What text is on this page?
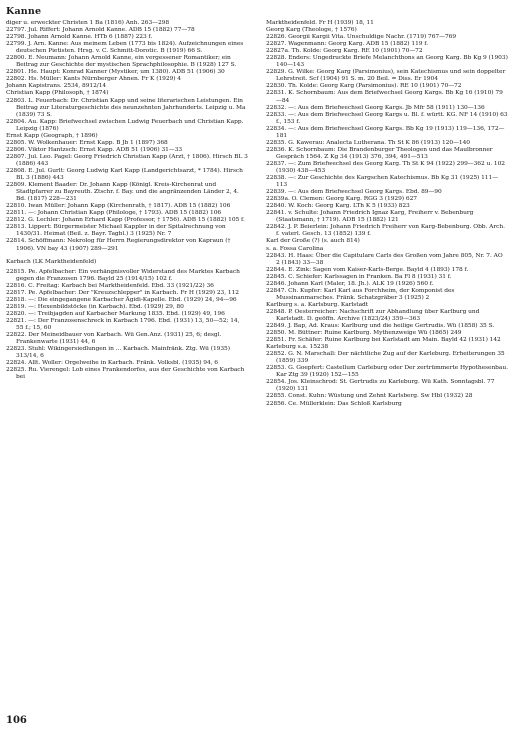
Kanne

diger u. erweckter Christen 1 Ba (1816) Anh. 263—298

22797. Jul. Riffert: Johann Arnold Kanne. ADB 15 (1882) 77—78

22798. Johann Arnold Kanne. HTb 6 (1887) 223 f.

22799. J. Arn. Kanne: Aus meinem Leben (1773 bis 1824). Aufzeichnungen eines deutschen Pietisten. Hrsg. v. C. Schmitt-Dorotic. B (1919) 66 S.

22800. E. Neumann: Johann Arnold Kanne, ein vergessener Romantiker; ein Beitrag zur Geschichte der mystischen Sprachphilosophie. B (1928) 127 S.

22801. He. Haupt: Konrad Kanner (Mystiker, um 1380). ADB 51 (1906) 30

22802. Hs. Müller: Kants Nürnberger Ahnen. Fr K (1929) 4

Johann Kapistrans. 2534, 8912/14

Christian Kapp (Philosoph, † 1874)

22803. L. Feuerbach: Dr. Christian Kapp und seine literarischen Leistungen. Ein Beitrag zur Literaturgeschichte des neunzehnten Jahrhunderts. Leipzig u. Ma (1839) 73 S.

22804. Au. Kapp: Briefwechsel zwischen Ludwig Feuerbach und Christian Kapp. Leipzig (1876)

Ernst Kapp (Geograph, † 1896)

22805. W. Wolkenhauer: Ernst Kapp. B Jb 1 (1897) 368

22806. Viktor Hantzsch: Ernst Kapp. ADB 51 (1906) 31—33

22807. Jul. Leo. Pagel: Georg Friedrich Christian Kapp (Arzt, † 1806). Hirsch BL 3 (1886) 443

22808. E. Jul. Gurlt: Georg Ludwig Karl Kapp (Landgerichtsarzt, * 1784). Hirsch BL 3 (1886) 443

22809. Klement Baader: Dr. Johann Kapp (Königl. Kreis-Kirchenrat und Stadtpfarrer zu Bayreuth. Ztschr. f. Bay. und die angränzenden Länder 2, 4. Bd. (1817) 228—231

22810. Iwan Müller: Johann Kapp (Kirchenrath, † 1817). ADB 15 (1882) 106

22811. —: Johann Christian Kapp (Philologe, † 1793). ADB 15 (1882) 106

22812. G. Lechler: Johann Erhard Kapp (Professor, † 1756). ADB 15 (1882) 105 f.

22813. Lippert: Bürgermeister Michael Kappler in der Spitalrechnung von 1430/31. Heimat (Beil. z. Bayr. Tagbl.) 3 (1925) Nr. 7

22814. Schöffmann: Nekrolog für Herrn Regierungsdirektor von Kapraun († 1906). VN bay 43 (1907) 289—291

Karbach (LK Marktheidenfeld)

22815. Pe. Apfelbacher: Ein verhängnisvoller Widerstand des Marktes Karbach gegen die Franzosen 1796. Bayld 25 (1914/15) 102 f.

22816. C. Freitag: Karbach bei Marktheidenfeld. Ebd. 33 (1921/22) 36

22817. Pe. Apfelbacher: Der "Kreuzschlepper" in Karbach. Fr H (1929) 23, 112

22818. —: Die eingegangene Karbacher Ägidi-Kapelle. Ebd. (1929) 24, 94—96

22819. —: Hexenbildstöcke (in Karbach). Ebd. (1929) 29, 80

22820. —: Treibjagden auf Karbacher Markung 1835. Ebd. (1929) 49, 196

22821. —: Der Franzosenschreck in Karbach 1796. Ebd. (1931) 13, 50—52; 14, 55 f.; 15, 60

22822. Der Meineidbauer von Karbach. Wü Gen.Anz. (1931) 25, 6; desgl. Frankenwarte (1931) 44, 6

22823. Stuhl: Wikingersiedlungen in ... Karbach. Mainfränk. Ztg. Wü (1935) 313/14, 6

22824. Allt. Woller: Orgelweihe in Karbach. Fränk. Volksbl. (1935) 94, 6

22825. Ru. Vierengel: Lob eines Frankendorfes, aus der Geschichte von Karbach bei

Marktheidenfeld. Fr H (1939) 18, 11

Georg Karg (Theologe, † 1576)

22826. Georgii Kargii Vita. Unschuldige Nachr. (1719) 767—769

22827. Wagenmann: Georg Karg. ADB 15 (1882) 119 f.

22827a. Th. Kolde: Georg Karg. RE 10 (1901) 70—72

22828. Enders: Ungedruckte Briefe Melanchthons an Georg Karg. Bb Kg 9 (1903) 140—143

22829. G. Wilke: Georg Karg (Parsimonius), sein Katechismus und sein doppelter Lehrstreit. Scf (1904) 91 S. m. 20 Beil. = Diss. Er 1904

22830. Th. Kolde: Georg Karg (Parsimonius). RE 10 (1901) 70—72

22831. K. Schornbaum: Aus dem Briefwechsel Georg Kargs. Bb Kg 16 (1910) 79—84

22832. —: Aus dem Briefwechsel Georg Kargs. Jb Mfr 58 (1911) 130—136

22833. —: Aus dem Briefwechsel Georg Kargs u. Bl. f. württ. KG. NF 14 (1910) 63 f., 153 f.

22834. —: Aus dem Briefwechsel Georg Kargs. Bb Kg 19 (1913) 119—136, 172—181

22835. G. Kawerau: Analecta Lutherana. Th St K 86 (1913) 120—140

22836. K. Schornbaum: Die Brandenburger Theologen und das Maulbronner Gespräch 1564. Z Kg 34 (1913) 376, 394, 491—513

22837. —: Zum Briefwechsel des Georg Karg. Th St K 94 (1922) 299—362 u. 102 (1930) 438—453

22838. —: Zur Geschichte des Kargschen Katechismus. Bb Kg 31 (1925) 111—113

22839. —: Aus dem Briefwechsel Georg Kargs. Ebd. 89—90

22839a. O. Clemen: Georg Karg. RGG 3 (1929) 627

22840. W. Koch: Georg Karg. LTh K 5 (1933) 823

22841. v. Schulte: Johann Friedrich Ignaz Karg, Freiherr v. Bebenburg (Staatsmann, † 1719). ADB 15 (1882) 121

22842. J. P. Beierlein: Johann Friedrich Freiherr von Karg-Bebenburg. Obb. Arch. f. vaterl. Gesch. 13 (1852) 139 f.

Karl der Große (?) (s. auch 814)

s. a. Fossa Carolina

22843. H. Haas: Über die Capitulare Carls des Großen vom Jahre 805, Nr. 7. AO 2 (1843) 33—38

22844. E. Zink: Sagen vom Kaiser-Karls-Berge. Bayld 4 (1893) 178 f.

22845. C. Schiefer: Karlssagen in Franken. Ba Fl 8 (1931) 31 f.

22846. Johann Karl (Maler, 18. Jh.). ALK 19 (1926) 560 f.

22847. Ch. Kupfer: Karl Karl aus Forchheim, der Komponist des Mussinanmarsches. Fränk. Schatzgräber 3 (1925) 2

Karlburg s. a. Karlsburg. Karlstadt

22848. P. Oesterreicher: Nachschrift zur Abhandlung über Karlburg und Karlstadt. D. geöffn. Archive (1823/24) 359—363

22849. J. Bap, Ad. Kraus: Karlburg und die heilige Gertrudis. Wü (1858) 35 S.

22850. M. Büttner: Ruine Karlburg. Mythenzweige Wü (1865) 249

22851. Fr. Schäfer: Ruine Karlburg bei Karlstadt am Main. Bayld 42 (1931) 142

Karleburg s.a. 15238

22852. G. N. Marschall: Der nächtliche Zug auf der Karleburg. Erheiterungen 35 (1859) 339

22853. G. Goepfert: Castellum Carleburg oder Der zertrümmerte Hypothesenbau. Kar Ztg 39 (1920) 152—155

22854. Jos. Kleinschrod: St. Gertrudis zu Karleburg. Wü Kath. Sonntagsbl. 77 (1920) 131

22855. Const. Kuhn: Wüstung und Zehnt Karlsberg. Sw Hbl (1932) 28

22856. Ce. Müllerklein: Das Schloß Karlsburg

106
